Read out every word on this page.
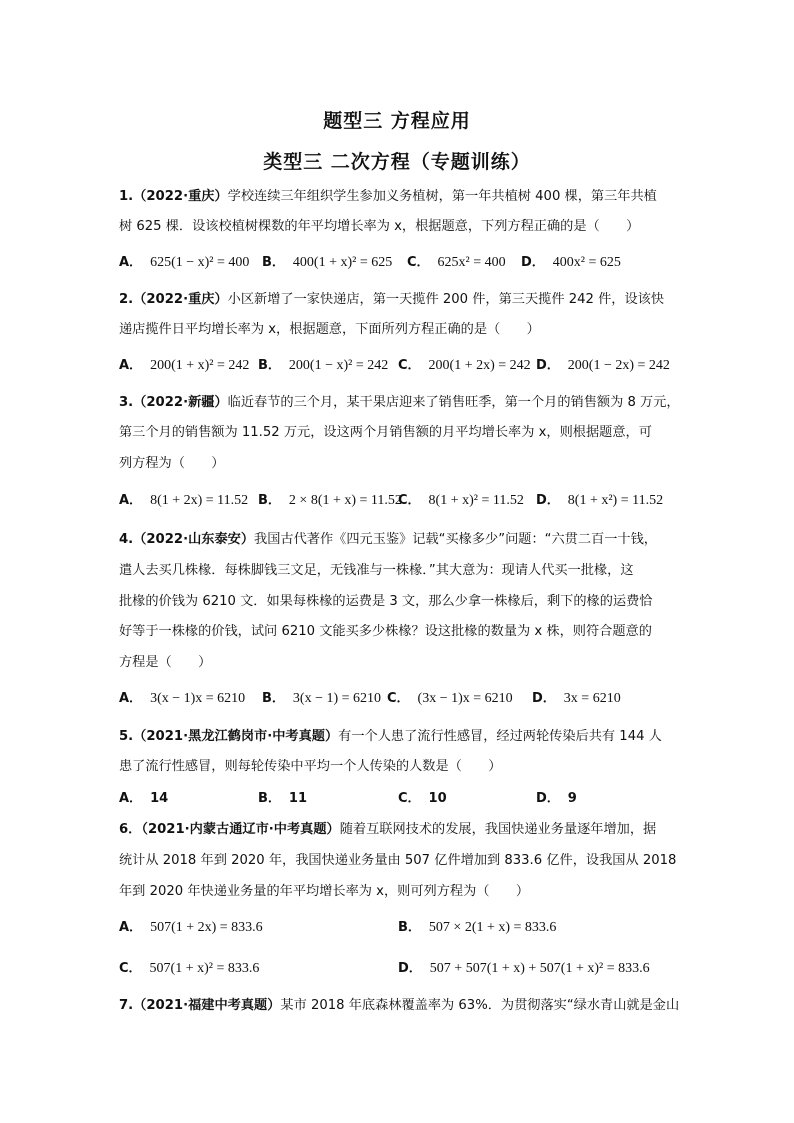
题型三 方程应用
类型三 二次方程（专题训练）
1.（2022·重庆）学校连续三年组织学生参加义务植树，第一年共植树 400 棵，第三年共植
树 625 棵．设该校植树棵数的年平均增长率为 x，根据题意，下列方程正确的是（　　）
A． 625(1 − x)² = 400 B． 400(1 + x)² = 625 C． 625x² = 400 D． 400x² = 625
2.（2022·重庆）小区新增了一家快递店，第一天揽件 200 件，第三天揽件 242 件，设该快
递店揽件日平均增长率为 x，根据题意，下面所列方程正确的是（　　）
A． 200(1 + x)² = 242 B． 200(1 − x)² = 242 C． 200(1 + 2x) = 242 D． 200(1 − 2x) = 242
3.（2022·新疆）临近春节的三个月，某干果店迎来了销售旺季，第一个月的销售额为 8 万元，
第三个月的销售额为 11.52 万元，设这两个月销售额的月平均增长率为 x，则根据题意，可
列方程为（　　）
A． 8(1 + 2x) = 11.52 B． 2 × 8(1 + x) = 11.52
C． 8(1 + x)² = 11.52 D． 8(1 + x²) = 11.52
4.（2022·山东泰安）我国古代著作《四元玉鉴》记载“买椽多少”问题：“六贯二百一十钱，
遣人去买几株椽．每株脚钱三文足，无钱准与一株椽．”其大意为：现请人代买一批椽，这
批椽的价钱为 6210 文．如果每株椽的运费是 3 文，那么少拿一株椽后，剩下的椽的运费恰
好等于一株椽的价钱，试问 6210 文能买多少株椽？设这批椽的数量为 x 株，则符合题意的
方程是（　　）
A． 3(x − 1)x = 6210 B． 3(x − 1) = 6210 C． (3x − 1)x = 6210 D． 3x = 6210
5.（2021·黑龙江鹤岗市·中考真题）有一个人患了流行性感冒，经过两轮传染后共有 144 人
患了流行性感冒，则每轮传染中平均一个人传染的人数是（　　）
A． 14	B． 11	C． 10	D． 9
6．（2021·内蒙古通辽市·中考真题）随着互联网技术的发展，我国快递业务量逐年增加，据
统计从 2018 年到 2020 年，我国快递业务量由 507 亿件增加到 833.6 亿件，设我国从 2018
年到 2020 年快递业务量的年平均增长率为 x，则可列方程为（　　）
A． 507(1 + 2x) = 833.6	B． 507 × 2(1 + x) = 833.6
C． 507(1 + x)² = 833.6	D． 507 + 507(1 + x) + 507(1 + x)² = 833.6
7.（2021·福建中考真题）某市 2018 年底森林覆盖率为 63%．为贯彻落实“绿水青山就是金山
